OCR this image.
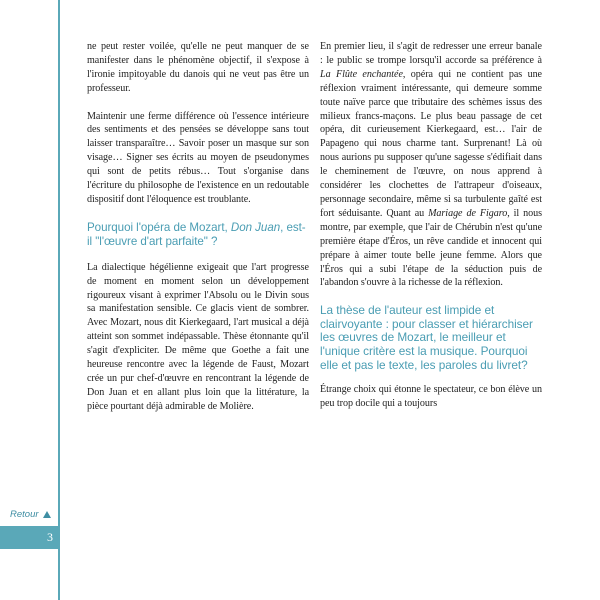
Retour
3

ne peut rester voilée, qu'elle ne peut manquer de se manifester dans le phénomène objectif, il s'expose à l'ironie impitoyable du danois qui ne veut pas être un professeur.

Maintenir une ferme différence où l'essence intérieure des sentiments et des pensées se développe sans tout laisser transparaître… Savoir poser un masque sur son visage… Signer ses écrits au moyen de pseudonymes qui sont de petits rébus… Tout s'organise dans l'écriture du philosophe de l'existence en un redoutable dispositif dont l'éloquence est troublante.

Pourquoi l'opéra de Mozart, Don Juan, est-il "l'œuvre d'art parfaite" ?

La dialectique hégélienne exigeait que l'art progresse de moment en moment selon un développement rigoureux visant à exprimer l'Absolu ou le Divin sous sa manifestation sensible. Ce glacis vient de sombrer. Avec Mozart, nous dit Kierkegaard, l'art musical a déjà atteint son sommet indépassable. Thèse étonnante qu'il s'agit d'expliciter. De même que Goethe a fait une heureuse rencontre avec la légende de Faust, Mozart crée un pur chef-d'œuvre en rencontrant la légende de Don Juan et en allant plus loin que la littérature, la pièce pourtant déjà admirable de Molière.

En premier lieu, il s'agit de redresser une erreur banale : le public se trompe lorsqu'il accorde sa préférence à La Flûte enchantée, opéra qui ne contient pas une réflexion vraiment intéressante, qui demeure somme toute naïve parce que tributaire des schèmes issus des milieux francs-maçons. Le plus beau passage de cet opéra, dit curieusement Kierkegaard, est… l'air de Papageno qui nous charme tant. Surprenant! Là où nous aurions pu supposer qu'une sagesse s'édifiait dans le cheminement de l'œuvre, on nous apprend à considérer les clochettes de l'attrapeur d'oiseaux, personnage secondaire, même si sa turbulente gaîté est fort séduisante. Quant au Mariage de Figaro, il nous montre, par exemple, que l'air de Chérubin n'est qu'une première étape d'Éros, un rêve candide et innocent qui prépare à aimer toute belle jeune femme. Alors que l'Éros qui a subi l'étape de la séduction puis de l'abandon s'ouvre à la richesse de la réflexion.

La thèse de l'auteur est limpide et clairvoyante : pour classer et hiérarchiser les œuvres de Mozart, le meilleur et l'unique critère est la musique. Pourquoi elle et pas le texte, les paroles du livret?

Étrange choix qui étonne le spectateur, ce bon élève un peu trop docile qui a toujours
